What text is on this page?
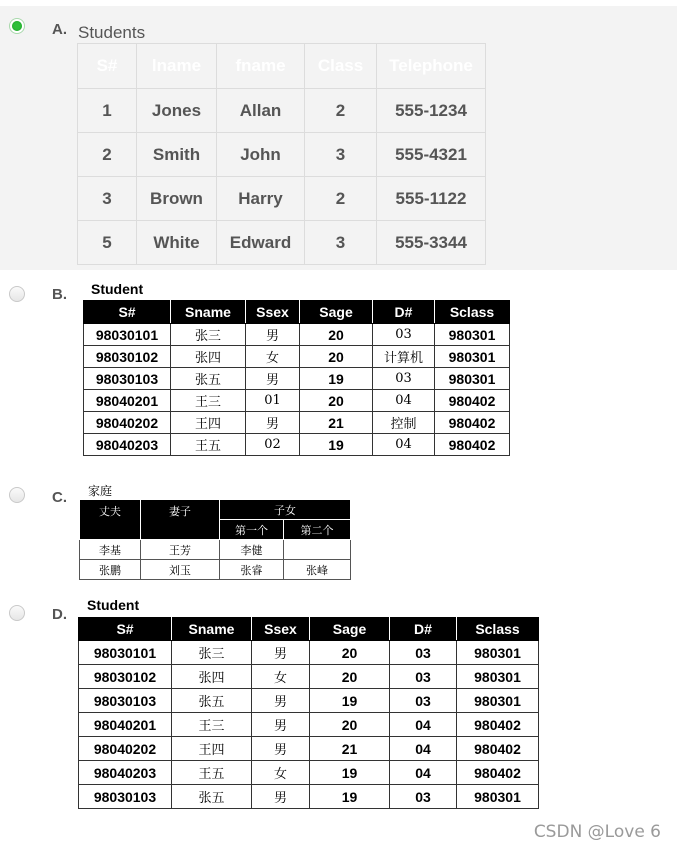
A. Students
S#	lname	fname	Class	Telephone
1	Jones	Allan	2	555-1234
2	Smith	John	3	555-4321
3	Brown	Harry	2	555-1122
5	White	Edward	3	555-3344
B. Student
S#	Sname	Ssex	Sage	D#	Sclass
98030101	张三	男	20	03	980301
98030102	张四	女	20	计算机	980301
98030103	张五	男	19	03	980301
98040201	王三	01	20	04	980402
98040202	王四	男	21	控制	980402
98040203	王五	02	19	04	980402
C. 家庭
丈夫	妻子	子女	
		第一个	第二个
李基	王芳	李健	
张鹏	刘玉	张睿	张峰
D.
Student
S#	Sname	Ssex	Sage	D#	Sclass
98030101	张三	男	20	03	980301
98030102	张四	女	20	03	980301
98030103	张五	男	19	03	980301
98040201	王三	男	20	04	980402
98040202	王四	男	21	04	980402
98040203	王五	女	19	04	980402
98030103	张五	男	19	03	980301
CSDN @Love 6
